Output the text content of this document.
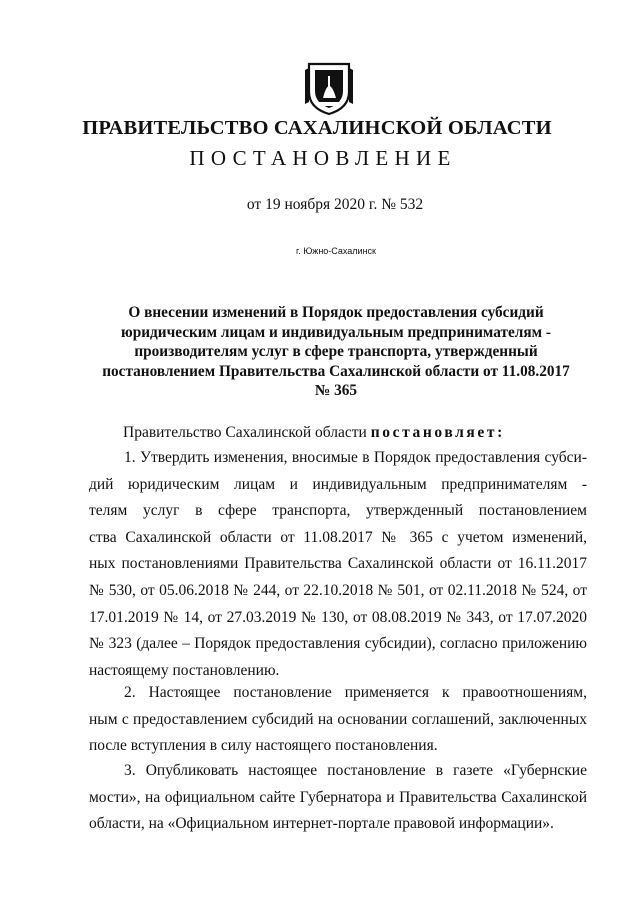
ПРАВИТЕЛЬСТВО САХАЛИНСКОЙ ОБЛАСТИ
ПОСТАНОВЛЕНИЕ
от 19 ноября 2020 г. № 532
г. Южно-Сахалинск
О внесении изменений в Порядок предоставления субсидий
юридическим лицам и индивидуальным предпринимателям -
производителям услуг в сфере транспорта, утвержденный
постановлением Правительства Сахалинской области от 11.08.2017
№ 365
Правительство Сахалинской области постановляет:
1. Утвердить изменения, вносимые в Порядок предоставления субси-
дий юридическим лицам и индивидуальным предпринимателям -
телям услуг в сфере транспорта, утвержденный постановлением
ства Сахалинской области от 11.08.2017 № 365 с учетом изменений,
ных постановлениями Правительства Сахалинской области от 16.11.2017
№ 530, от 05.06.2018 № 244, от 22.10.2018 № 501, от 02.11.2018 № 524, от
17.01.2019 № 14, от 27.03.2019 № 130, от 08.08.2019 № 343, от 17.07.2020
№ 323 (далее – Порядок предоставления субсидии), согласно приложению
настоящему постановлению.
2. Настоящее постановление применяется к правоотношениям,
ным с предоставлением субсидий на основании соглашений, заключенных
после вступления в силу настоящего постановления.
3. Опубликовать настоящее постановление в газете «Губернские
мости», на официальном сайте Губернатора и Правительства Сахалинской
области, на «Официальном интернет-портале правовой информации».
